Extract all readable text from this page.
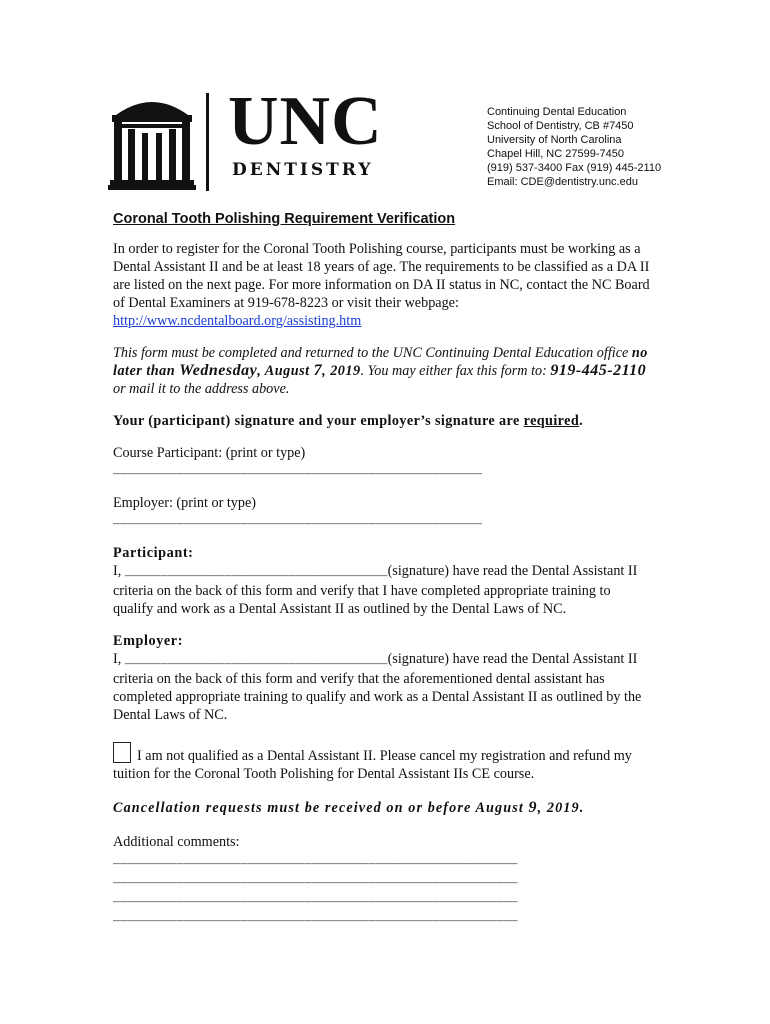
UNC
DENTISTRY
Continuing Dental Education
School of Dentistry, CB #7450
University of North Carolina
Chapel Hill, NC 27599-7450
(919) 537-3400 Fax (919) 445-2110
Email: CDE@dentistry.unc.edu
Coronal Tooth Polishing Requirement Verification

In order to register for the Coronal Tooth Polishing course, participants must be working as a Dental Assistant II and be at least 18 years of age. The requirements to be classified as a DA II are listed on the next page. For more information on DA II status in NC, contact the NC Board of Dental Examiners at 919-678-8223 or visit their webpage: http://www.ncdentalboard.org/assisting.htm

This form must be completed and returned to the UNC Continuing Dental Education office no later than Wednesday, August 7, 2019. You may either fax this form to: 919-445-2110 or mail it to the address above.

Your (participant) signature and your employer’s signature are required.

Course Participant: (print or type)
____________________________________________________
Employer: (print or type)
____________________________________________________
Participant:

I, _____________________________________(signature) have read the Dental Assistant II criteria on the back of this form and verify that I have completed appropriate training to qualify and work as a Dental Assistant II as outlined by the Dental Laws of NC.

Employer:

I, _____________________________________(signature) have read the Dental Assistant II criteria on the back of this form and verify that the aforementioned dental assistant has completed appropriate training to qualify and work as a Dental Assistant II as outlined by the Dental Laws of NC.

I am not qualified as a Dental Assistant II. Please cancel my registration and refund my tuition for the Coronal Tooth Polishing for Dental Assistant IIs CE course.

Cancellation requests must be received on or before August 9, 2019.

Additional comments:
_________________________________________________________
_________________________________________________________
_________________________________________________________
_________________________________________________________
